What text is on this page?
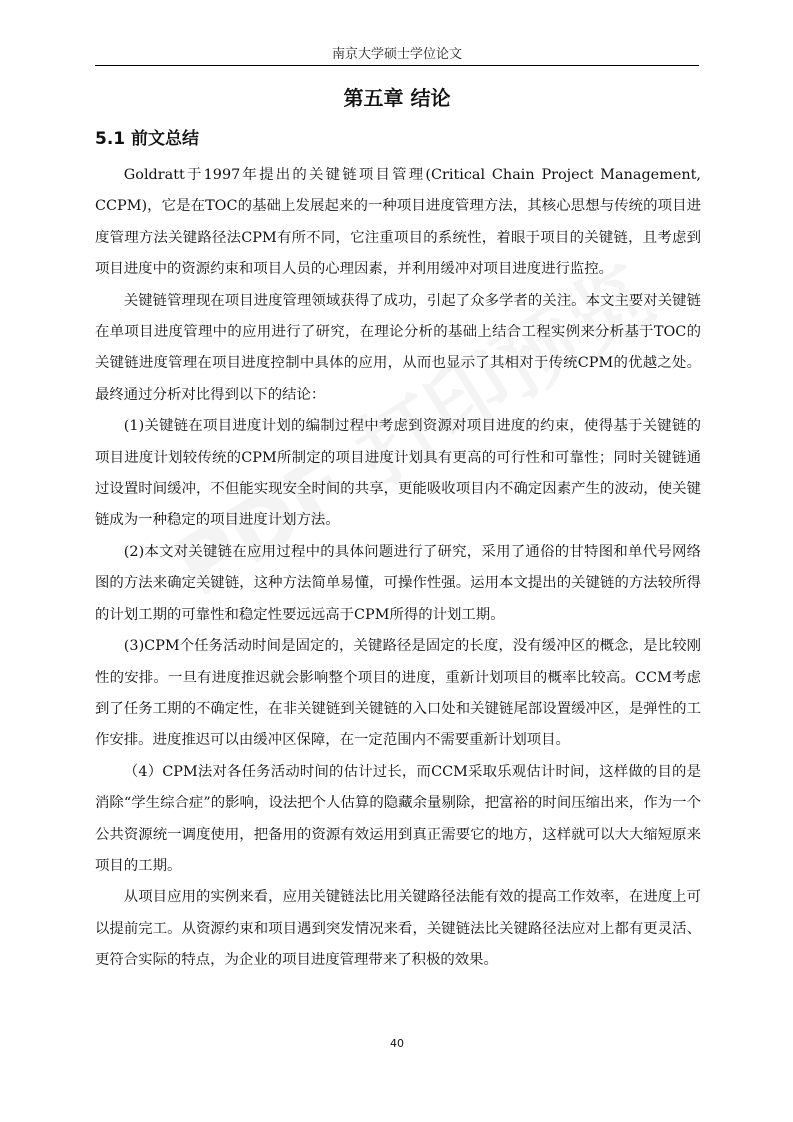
南京大学硕士学位论文
第五章 结论
5.1 前文总结

Goldratt于1997年提出的关键链项目管理(Critical Chain Project Management, CCPM)，它是在TOC的基础上发展起来的一种项目进度管理方法，其核心思想与传统的项目进度管理方法关键路径法CPM有所不同，它注重项目的系统性，着眼于项目的关键链，且考虑到项目进度中的资源约束和项目人员的心理因素，并利用缓冲对项目进度进行监控。

关键链管理现在项目进度管理领域获得了成功，引起了众多学者的关注。本文主要对关键链在单项目进度管理中的应用进行了研究，在理论分析的基础上结合工程实例来分析基于TOC的关键链进度管理在项目进度控制中具体的应用，从而也显示了其相对于传统CPM的优越之处。最终通过分析对比得到以下的结论：

(1)关键链在项目进度计划的编制过程中考虑到资源对项目进度的约束，使得基于关键链的项目进度计划较传统的CPM所制定的项目进度计划具有更高的可行性和可靠性；同时关键链通过设置时间缓冲，不但能实现安全时间的共享，更能吸收项目内不确定因素产生的波动，使关键链成为一种稳定的项目进度计划方法。

(2)本文对关键链在应用过程中的具体问题进行了研究，采用了通俗的甘特图和单代号网络图的方法来确定关键链，这种方法简单易懂，可操作性强。运用本文提出的关键链的方法较所得的计划工期的可靠性和稳定性要远远高于CPM所得的计划工期。

(3)CPM个任务活动时间是固定的，关键路径是固定的长度，没有缓冲区的概念，是比较刚性的安排。一旦有进度推迟就会影响整个项目的进度，重新计划项目的概率比较高。CCM考虑到了任务工期的不确定性，在非关键链到关键链的入口处和关键链尾部设置缓冲区，是弹性的工作安排。进度推迟可以由缓冲区保障，在一定范围内不需要重新计划项目。

（4）CPM法对各任务活动时间的估计过长，而CCM采取乐观估计时间，这样做的目的是消除“学生综合症”的影响，设法把个人估算的隐藏余量剔除，把富裕的时间压缩出来，作为一个公共资源统一调度使用，把备用的资源有效运用到真正需要它的地方，这样就可以大大缩短原来项目的工期。

从项目应用的实例来看，应用关键链法比用关键路径法能有效的提高工作效率，在进度上可以提前完工。从资源约束和项目遇到突发情况来看，关键链法比关键路径法应对上都有更灵活、更符合实际的特点，为企业的项目进度管理带来了积极的效果。

40
